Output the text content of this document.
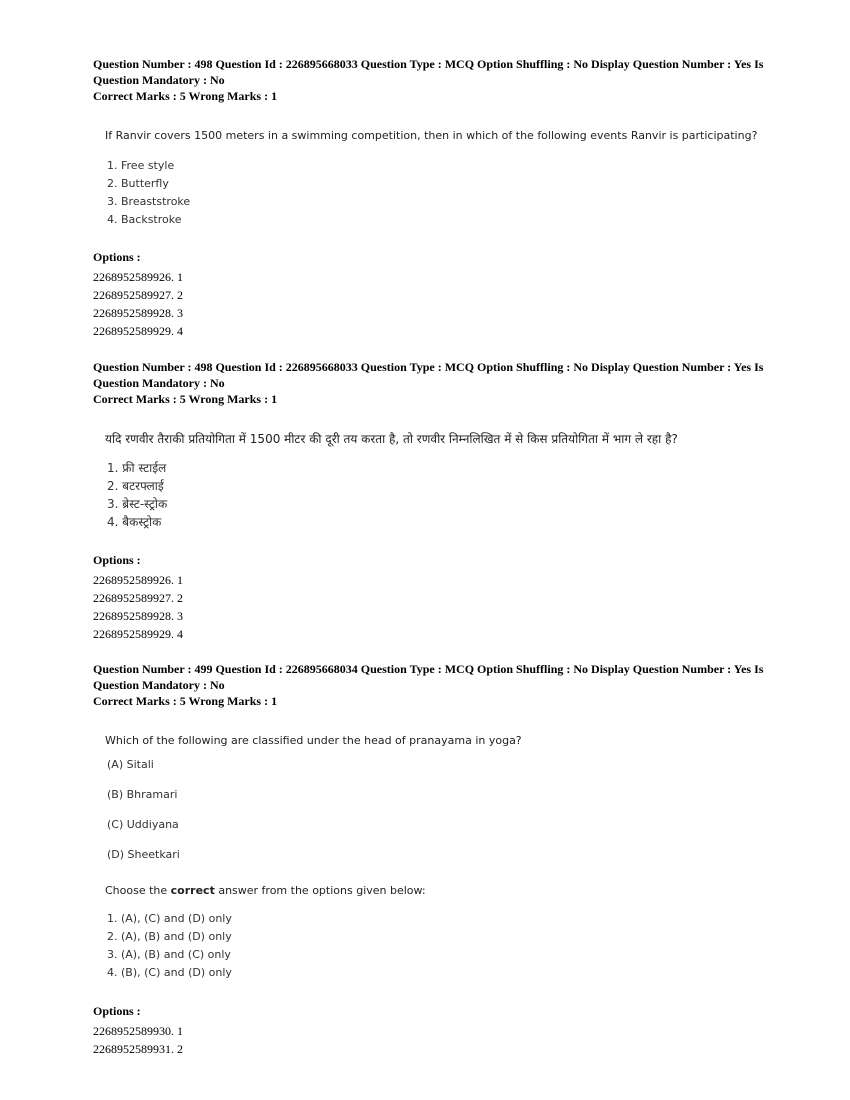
Question Number : 498 Question Id : 226895668033 Question Type : MCQ Option Shuffling : No Display Question Number : Yes Is
Question Mandatory : No
Correct Marks : 5 Wrong Marks : 1
If Ranvir covers 1500 meters in a swimming competition, then in which of the following events Ranvir is participating?
1. Free style
2. Butterfly
3. Breaststroke
4. Backstroke
Options :
2268952589926. 1
2268952589927. 2
2268952589928. 3
2268952589929. 4
Question Number : 498 Question Id : 226895668033 Question Type : MCQ Option Shuffling : No Display Question Number : Yes Is
Question Mandatory : No
Correct Marks : 5 Wrong Marks : 1
यदि रणवीर तैराकी प्रतियोगिता में 1500 मीटर की दूरी तय करता है, तो रणवीर निम्नलिखित में से किस प्रतियोगिता में भाग ले रहा है?
1. फ्री स्टाईल
2. बटरफ्लाई
3. ब्रेस्ट-स्ट्रोक
4. बैकस्ट्रोक
Options :
2268952589926. 1
2268952589927. 2
2268952589928. 3
2268952589929. 4
Question Number : 499 Question Id : 226895668034 Question Type : MCQ Option Shuffling : No Display Question Number : Yes Is
Question Mandatory : No
Correct Marks : 5 Wrong Marks : 1
Which of the following are classified under the head of pranayama in yoga?
(A) Sitali
(B) Bhramari
(C) Uddiyana
(D) Sheetkari
Choose the correct answer from the options given below:
1. (A), (C) and (D) only
2. (A), (B) and (D) only
3. (A), (B) and (C) only
4. (B), (C) and (D) only
Options :
2268952589930. 1
2268952589931. 2
